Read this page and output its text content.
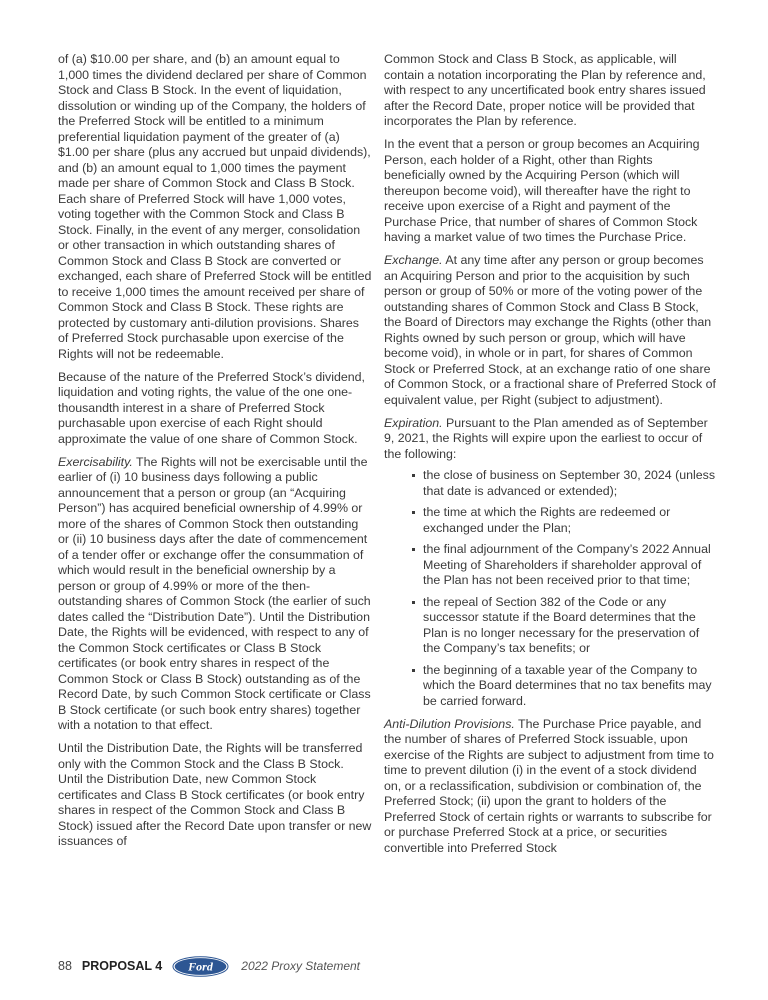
of (a) $10.00 per share, and (b) an amount equal to 1,000 times the dividend declared per share of Common Stock and Class B Stock. In the event of liquidation, dissolution or winding up of the Company, the holders of the Preferred Stock will be entitled to a minimum preferential liquidation payment of the greater of (a) $1.00 per share (plus any accrued but unpaid dividends), and (b) an amount equal to 1,000 times the payment made per share of Common Stock and Class B Stock. Each share of Preferred Stock will have 1,000 votes, voting together with the Common Stock and Class B Stock. Finally, in the event of any merger, consolidation or other transaction in which outstanding shares of Common Stock and Class B Stock are converted or exchanged, each share of Preferred Stock will be entitled to receive 1,000 times the amount received per share of Common Stock and Class B Stock. These rights are protected by customary anti-dilution provisions. Shares of Preferred Stock purchasable upon exercise of the Rights will not be redeemable.

Because of the nature of the Preferred Stock’s dividend, liquidation and voting rights, the value of the one one-thousandth interest in a share of Preferred Stock purchasable upon exercise of each Right should approximate the value of one share of Common Stock.

Exercisability. The Rights will not be exercisable until the earlier of (i) 10 business days following a public announcement that a person or group (an “Acquiring Person”) has acquired beneficial ownership of 4.99% or more of the shares of Common Stock then outstanding or (ii) 10 business days after the date of commencement of a tender offer or exchange offer the consummation of which would result in the beneficial ownership by a person or group of 4.99% or more of the then-outstanding shares of Common Stock (the earlier of such dates called the “Distribution Date”). Until the Distribution Date, the Rights will be evidenced, with respect to any of the Common Stock certificates or Class B Stock certificates (or book entry shares in respect of the Common Stock or Class B Stock) outstanding as of the Record Date, by such Common Stock certificate or Class B Stock certificate (or such book entry shares) together with a notation to that effect.

Until the Distribution Date, the Rights will be transferred only with the Common Stock and the Class B Stock. Until the Distribution Date, new Common Stock certificates and Class B Stock certificates (or book entry shares in respect of the Common Stock and Class B Stock) issued after the Record Date upon transfer or new issuances of

Common Stock and Class B Stock, as applicable, will contain a notation incorporating the Plan by reference and, with respect to any uncertificated book entry shares issued after the Record Date, proper notice will be provided that incorporates the Plan by reference.

In the event that a person or group becomes an Acquiring Person, each holder of a Right, other than Rights beneficially owned by the Acquiring Person (which will thereupon become void), will thereafter have the right to receive upon exercise of a Right and payment of the Purchase Price, that number of shares of Common Stock having a market value of two times the Purchase Price.

Exchange. At any time after any person or group becomes an Acquiring Person and prior to the acquisition by such person or group of 50% or more of the voting power of the outstanding shares of Common Stock and Class B Stock, the Board of Directors may exchange the Rights (other than Rights owned by such person or group, which will have become void), in whole or in part, for shares of Common Stock or Preferred Stock, at an exchange ratio of one share of Common Stock, or a fractional share of Preferred Stock of equivalent value, per Right (subject to adjustment).

Expiration. Pursuant to the Plan amended as of September 9, 2021, the Rights will expire upon the earliest to occur of the following:

the close of business on September 30, 2024 (unless that date is advanced or extended);
the time at which the Rights are redeemed or exchanged under the Plan;
the final adjournment of the Company’s 2022 Annual Meeting of Shareholders if shareholder approval of the Plan has not been received prior to that time;
the repeal of Section 382 of the Code or any successor statute if the Board determines that the Plan is no longer necessary for the preservation of the Company’s tax benefits; or
the beginning of a taxable year of the Company to which the Board determines that no tax benefits may be carried forward.

Anti-Dilution Provisions. The Purchase Price payable, and the number of shares of Preferred Stock issuable, upon exercise of the Rights are subject to adjustment from time to time to prevent dilution (i) in the event of a stock dividend on, or a reclassification, subdivision or combination of, the Preferred Stock; (ii) upon the grant to holders of the Preferred Stock of certain rights or warrants to subscribe for or purchase Preferred Stock at a price, or securities convertible into Preferred Stock

88 PROPOSAL 4 Ford 2022 Proxy Statement
